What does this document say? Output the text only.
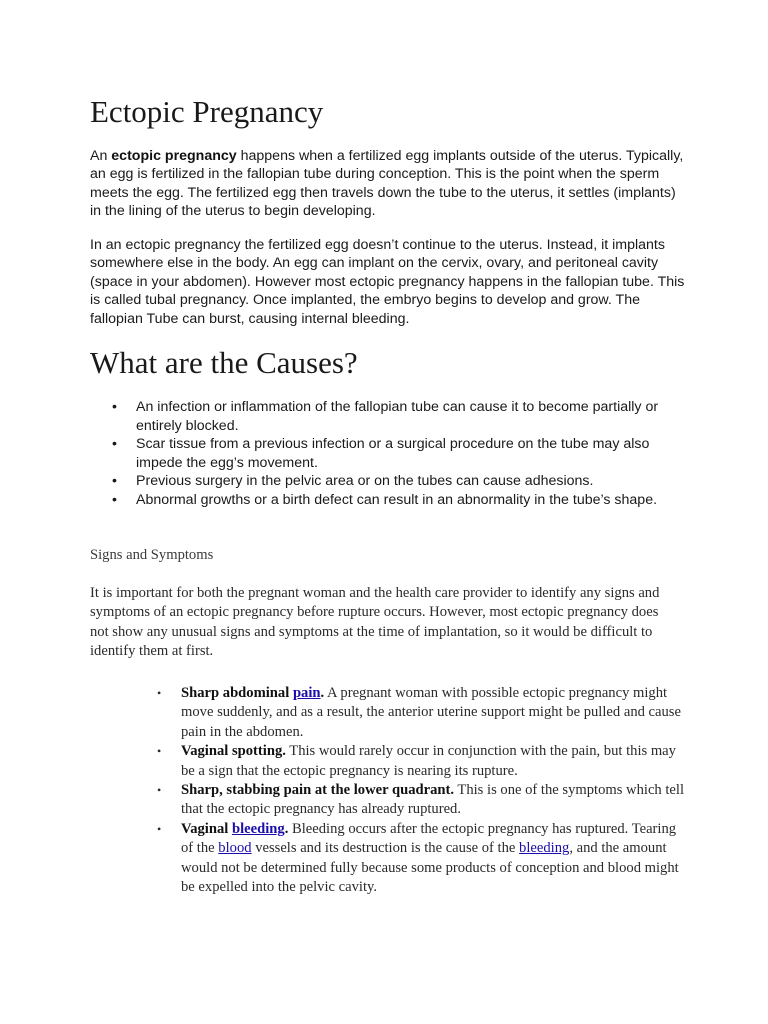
Ectopic Pregnancy

An ectopic pregnancy happens when a fertilized egg implants outside of the uterus. Typically, an egg is fertilized in the fallopian tube during conception. This is the point when the sperm meets the egg. The fertilized egg then travels down the tube to the uterus, it settles (implants) in the lining of the uterus to begin developing.

In an ectopic pregnancy the fertilized egg doesn’t continue to the uterus. Instead, it implants somewhere else in the body. An egg can implant on the cervix, ovary, and peritoneal cavity (space in your abdomen). However most ectopic pregnancy happens in the fallopian tube. This is called tubal pregnancy. Once implanted, the embryo begins to develop and grow. The fallopian Tube can burst, causing internal bleeding.

What are the Causes?
• An infection or inflammation of the fallopian tube can cause it to become partially or entirely blocked.
• Scar tissue from a previous infection or a surgical procedure on the tube may also impede the egg’s movement.
• Previous surgery in the pelvic area or on the tubes can cause adhesions.
• Abnormal growths or a birth defect can result in an abnormality in the tube’s shape.

Signs and Symptoms

It is important for both the pregnant woman and the health care provider to identify any signs and symptoms of an ectopic pregnancy before rupture occurs. However, most ectopic pregnancy does not show any unusual signs and symptoms at the time of implantation, so it would be difficult to identify them at first.

• Sharp abdominal pain. A pregnant woman with possible ectopic pregnancy might move suddenly, and as a result, the anterior uterine support might be pulled and cause pain in the abdomen.
• Vaginal spotting. This would rarely occur in conjunction with the pain, but this may be a sign that the ectopic pregnancy is nearing its rupture.
• Sharp, stabbing pain at the lower quadrant. This is one of the symptoms which tell that the ectopic pregnancy has already ruptured.
• Vaginal bleeding. Bleeding occurs after the ectopic pregnancy has ruptured. Tearing of the blood vessels and its destruction is the cause of the bleeding, and the amount would not be determined fully because some products of conception and blood might be expelled into the pelvic cavity.
